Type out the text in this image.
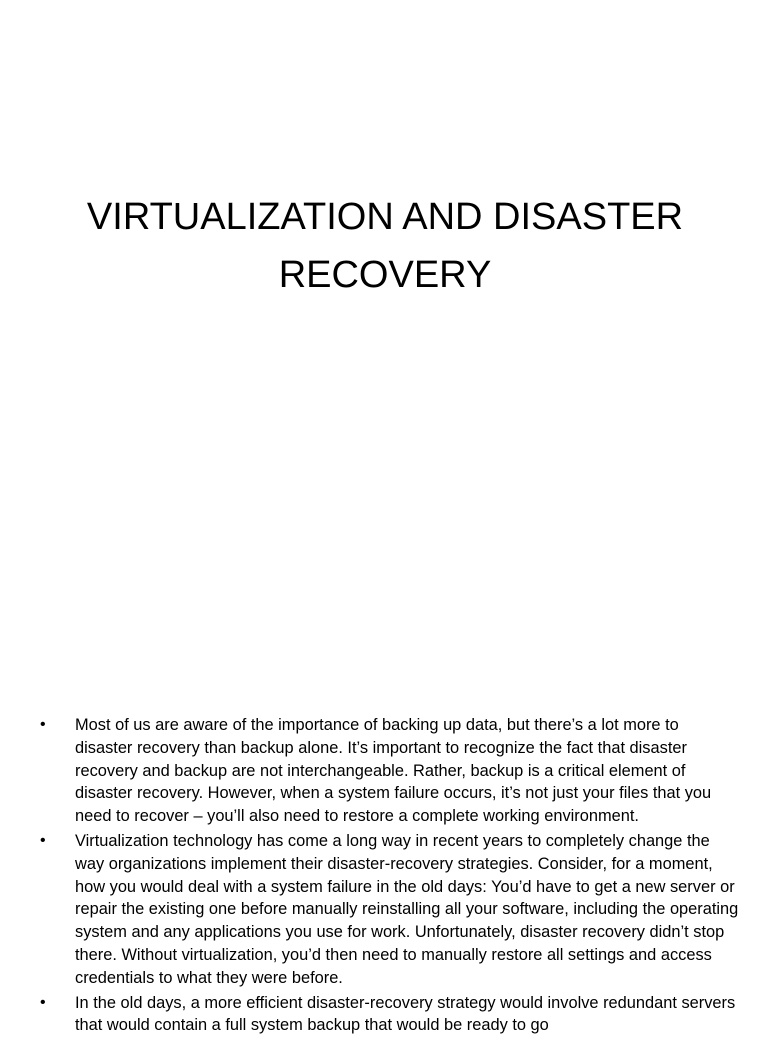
VIRTUALIZATION AND DISASTER RECOVERY
•	Most of us are aware of the importance of backing up data, but there’s a lot more to disaster recovery than backup alone. It’s important to recognize the fact that disaster recovery and backup are not interchangeable. Rather, backup is a critical element of disaster recovery. However, when a system failure occurs, it’s not just your files that you need to recover – you’ll also need to restore a complete working environment.
•	Virtualization technology has come a long way in recent years to completely change the way organizations implement their disaster-recovery strategies. Consider, for a moment, how you would deal with a system failure in the old days: You’d have to get a new server or repair the existing one before manually reinstalling all your software, including the operating system and any applications you use for work. Unfortunately, disaster recovery didn’t stop there. Without virtualization, you’d then need to manually restore all settings and access credentials to what they were before.
•	In the old days, a more efficient disaster-recovery strategy would involve redundant servers that would contain a full system backup that would be ready to go
